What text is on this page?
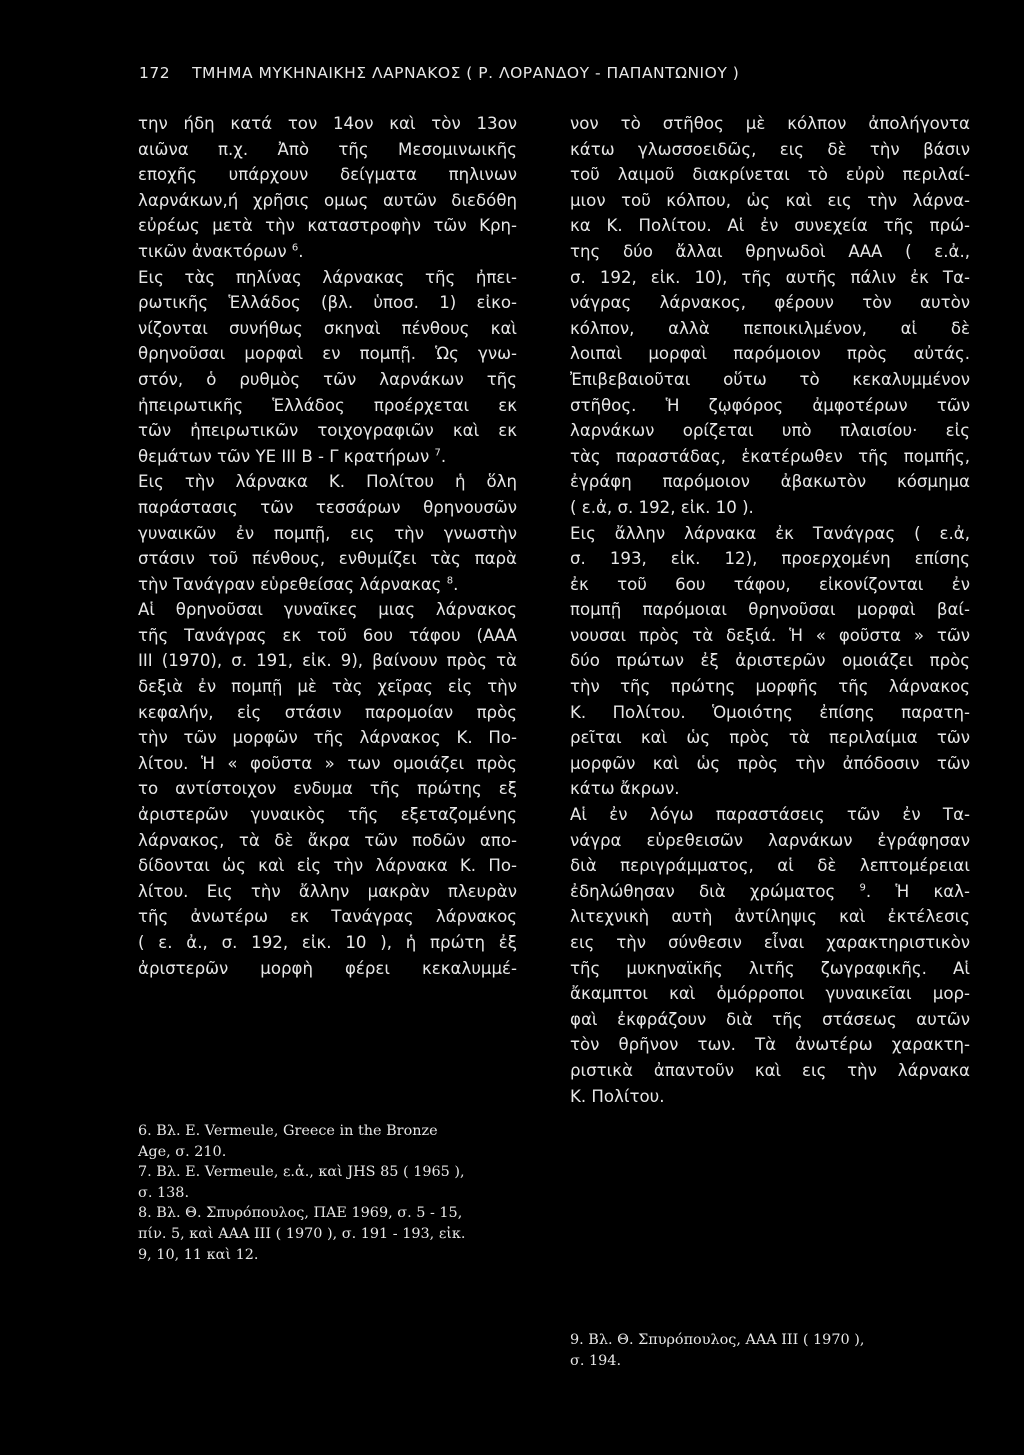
172 ΤΜΗΜΑ ΜΥΚΗΝΑΙΚΗΣ ΛΑΡΝΑΚΟΣ ( Ρ. ΛΟΡΑΝΔΟΥ - ΠΑΠΑΝΤΩΝΙΟΥ )

την ήδη κατά τον 14ον καὶ τὸν 13ον

αιῶνα π.χ. Ἀπὸ τῆς Μεσομινωικῆς

εποχῆς υπάρχουν δείγματα πηλινων

λαρνάκων,ή χρῆσις ομως αυτῶν διεδόθη

εὐρέως μετὰ τὴν καταστροφὴν τῶν Κρη-

τικῶν ἀνακτόρων $^6$.

Εις τὰς πηλίνας λάρνακας τῆς ἠπει-

ρωτικῆς Ἑλλάδος (βλ. ὑποσ. 1) εἰκο-

νίζονται συνήθως σκηναὶ πένθους καὶ

θρηνοῦσαι μορφαὶ εν πομπῇ. Ὡς γνω-

στόν, ὁ ρυθμὸς τῶν λαρνάκων τῆς

ἠπειρωτικῆς Ἑλλάδος προέρχεται εκ

τῶν ἠπειρωτικῶν τοιχογραφιῶν καὶ εκ

θεμάτων τῶν ΥΕ ΙΙΙ Β - Γ κρατήρων $^7$.

Εις τὴν λάρνακα Κ. Πολίτου ἡ ὅλη

παράστασις τῶν τεσσάρων θρηνουσῶν

γυναικῶν ἐν πομπῇ, εις τὴν γνωστὴν

στάσιν τοῦ πένθους, ενθυμίζει τὰς παρὰ

τὴν Τανάγραν εὑρεθείσας λάρνακας $^8$.

Αἱ θρηνοῦσαι γυναῖκες μιας λάρνακος

τῆς Τανάγρας εκ τοῦ 6ου τάφου (ΑΑΑ

ΙΙΙ (1970), σ. 191, εἰκ. 9), βαίνουν πρὸς τὰ

δεξιὰ ἐν πομπῇ μὲ τὰς χεῖρας εἰς τὴν

κεφαλήν, εἰς στάσιν παρομοίαν πρὸς

τὴν τῶν μορφῶν τῆς λάρνακος Κ. Πο-

λίτου. Ἡ « φοῦστα » των ομοιάζει πρὸς

το αντίστοιχον ενδυμα τῆς πρώτης εξ

ἀριστερῶν γυναικὸς τῆς εξεταζομένης

λάρνακος, τὰ δὲ ἄκρα τῶν ποδῶν απο-

δίδονται ὡς καὶ εἰς τὴν λάρνακα Κ. Πο-

λίτου. Εις τὴν ἄλλην μακρὰν πλευρὰν

τῆς ἀνωτέρω εκ Τανάγρας λάρνακος

( ε. ἀ., σ. 192, εἰκ. 10 ), ἡ πρώτη ἐξ

ἀριστερῶν μορφὴ φέρει κεκαλυμμέ-

νον τὸ στῆθος μὲ κόλπον ἀπολήγοντα

κάτω γλωσσοειδῶς, εις δὲ τὴν βάσιν

τοῦ λαιμοῦ διακρίνεται τὸ εὐρὺ περιλαί-

μιον τοῦ κόλπου, ὡς καὶ εις τὴν λάρνα-

κα Κ. Πολίτου. Αἱ ἐν συνεχεία τῆς πρώ-

της δύο ἄλλαι θρηνωδοὶ ΑΑΑ ( ε.ἀ.,

σ. 192, εἰκ. 10), τῆς αυτῆς πάλιν ἐκ Τα-

νάγρας λάρνακος, φέρουν τὸν αυτὸν

κόλπον, αλλὰ πεποικιλμένον, αἱ δὲ

λοιπαὶ μορφαὶ παρόμοιον πρὸς αὐτάς.

Ἐπιβεβαιοῦται οὕτω τὸ κεκαλυμμένον

στῆθος. Ἡ ζῳφόρος ἀμφοτέρων τῶν

λαρνάκων ορίζεται υπὸ πλαισίου· εἰς

τὰς παραστάδας, ἑκατέρωθεν τῆς πομπῆς,

ἐγράφη παρόμοιον ἀβακωτὸν κόσμημα

( ε.ἀ, σ. 192, εἰκ. 10 ).

Εις ἄλλην λάρνακα ἐκ Τανάγρας ( ε.ἀ,

σ. 193, εἰκ. 12), προερχομένη επίσης

ἐκ τοῦ 6ου τάφου, εἰκονίζονται ἐν

πομπῇ παρόμοιαι θρηνοῦσαι μορφαὶ βαί-

νουσαι πρὸς τὰ δεξιά. Ἡ « φοῦστα » τῶν

δύο πρώτων ἐξ ἀριστερῶν ομοιάζει πρὸς

τὴν τῆς πρώτης μορφῆς τῆς λάρνακος

Κ. Πολίτου. Ὁμοιότης ἐπίσης παρατη-

ρεῖται καὶ ὡς πρὸς τὰ περιλαίμια τῶν

μορφῶν καὶ ὡς πρὸς τὴν ἀπόδοσιν τῶν

κάτω ἄκρων.

Αἱ ἐν λόγω παραστάσεις τῶν ἐν Τα-

νάγρα εὑρεθεισῶν λαρνάκων ἐγράφησαν

διὰ περιγράμματος, αἱ δὲ λεπτομέρειαι

ἐδηλώθησαν διὰ χρώματος $^9$. Ἡ καλ-

λιτεχνικὴ αυτὴ ἀντίληψις καὶ ἐκτέλεσις

εις τὴν σύνθεσιν εἶναι χαρακτηριστικὸν

τῆς μυκηναϊκῆς λιτῆς ζωγραφικῆς. Αἱ

ἄκαμπτοι καὶ ὁμόρροποι γυναικεῖαι μορ-

φαὶ ἐκφράζουν διὰ τῆς στάσεως αυτῶν

τὸν θρῆνον των. Τὰ ἀνωτέρω χαρακτη-

ριστικὰ ἀπαντοῦν καὶ εις τὴν λάρνακα

Κ. Πολίτου.

6. Βλ. E. Vermeule, Greece in the Bronze

Age, σ. 210.

7. Βλ. E. Vermeule, ε.ἀ., καὶ JHS 85 ( 1965 ),

σ. 138.

8. Βλ. Θ. Σπυρόπουλος, ΠΑΕ 1969, σ. 5 - 15,

πίν. 5, καὶ ΑΑΑ ΙΙΙ ( 1970 ), σ. 191 - 193, εἰκ.

9, 10, 11 καὶ 12.

9. Βλ. Θ. Σπυρόπουλος, ΑΑΑ ΙΙΙ ( 1970 ),

σ. 194.
